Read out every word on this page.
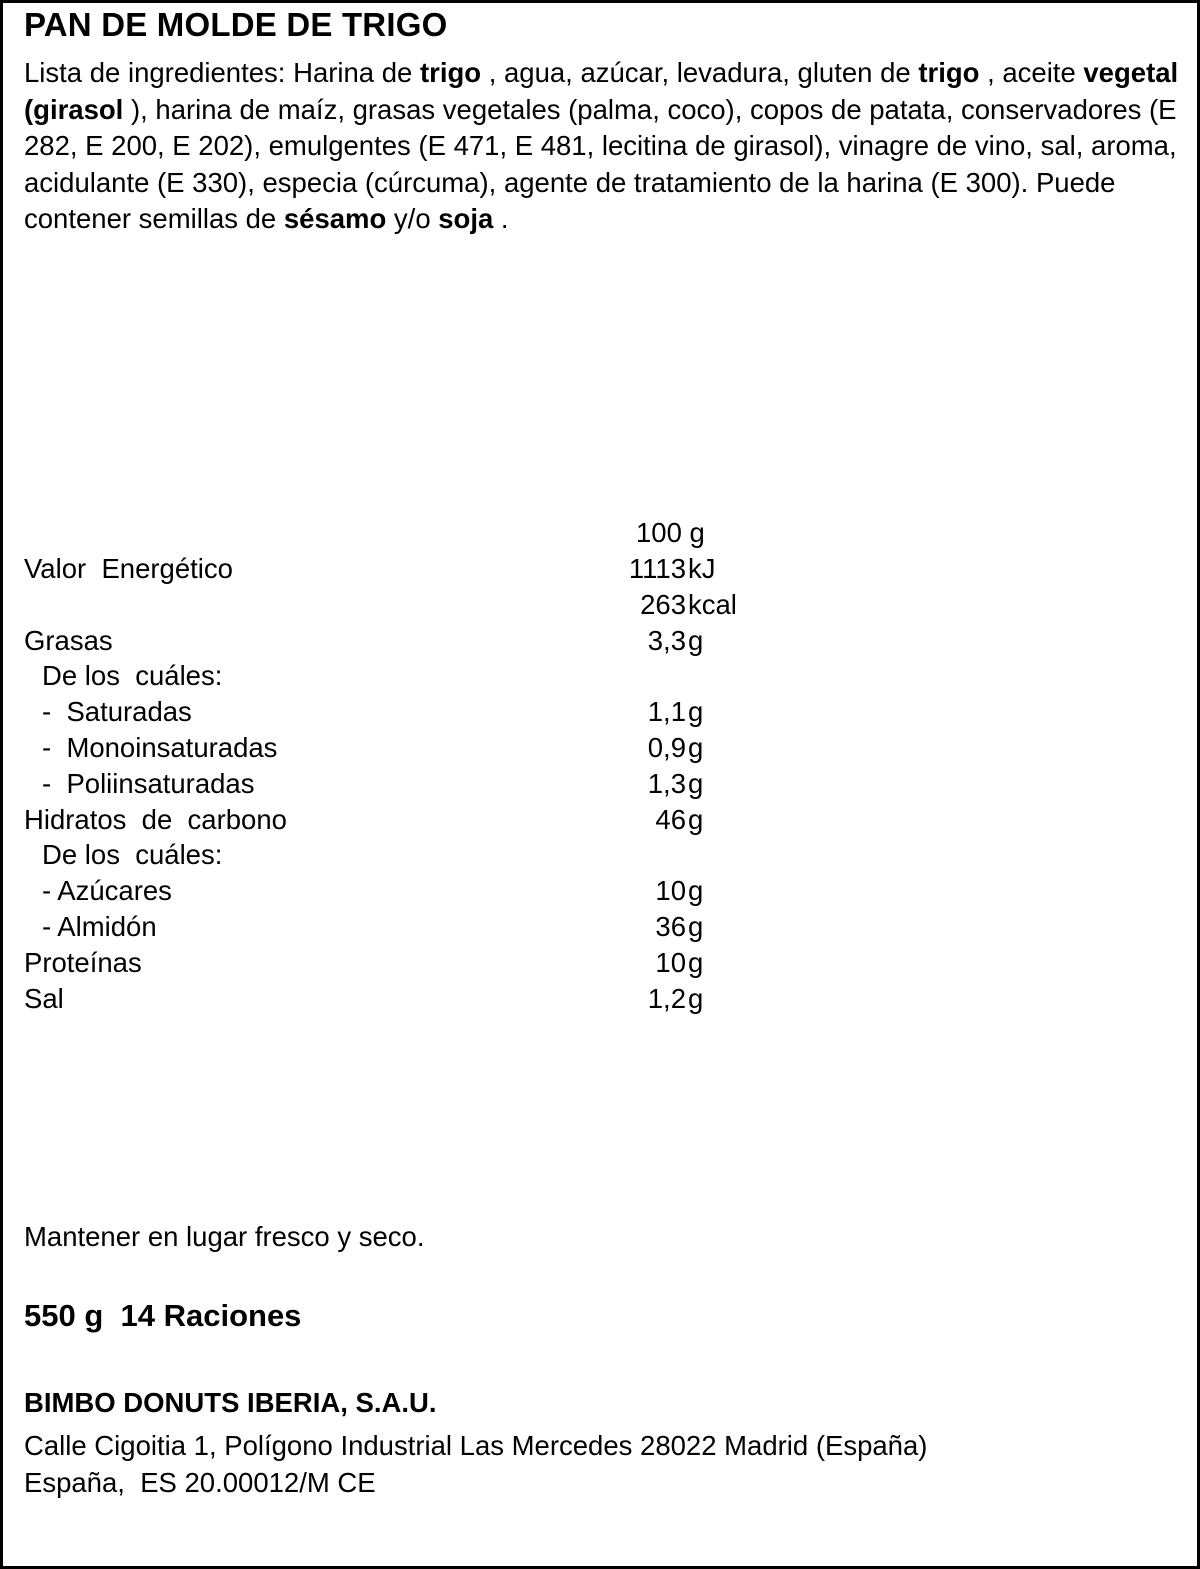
PAN DE MOLDE DE TRIGO
Lista de ingredientes: Harina de trigo , agua, azúcar, levadura, gluten de trigo , aceite vegetal (girasol ), harina de maíz, grasas vegetales (palma, coco), copos de patata, conservadores (E 282, E 200, E 202), emulgentes (E 471, E 481, lecitina de girasol), vinagre de vino, sal, aroma, acidulante (E 330), especia (cúrcuma), agente de tratamiento de la harina (E 300). Puede contener semillas de sésamo y/o soja .
100 g
Valor  Energético	1113 kJ
263 kcal
Grasas	3,3 g
De los  cuáles:
-  Saturadas	1,1 g
-  Monoinsaturadas	0,9 g
-  Poliinsaturadas	1,3 g
Hidratos  de  carbono	46 g
De los  cuáles:
- Azúcares	10 g
- Almidón	36 g
Proteínas	10 g
Sal	1,2 g
Mantener en lugar fresco y seco.
550 g  14 Raciones
BIMBO DONUTS IBERIA, S.A.U.
Calle Cigoitia 1, Polígono Industrial Las Mercedes 28022 Madrid (España)
España,  ES 20.00012/M CE
